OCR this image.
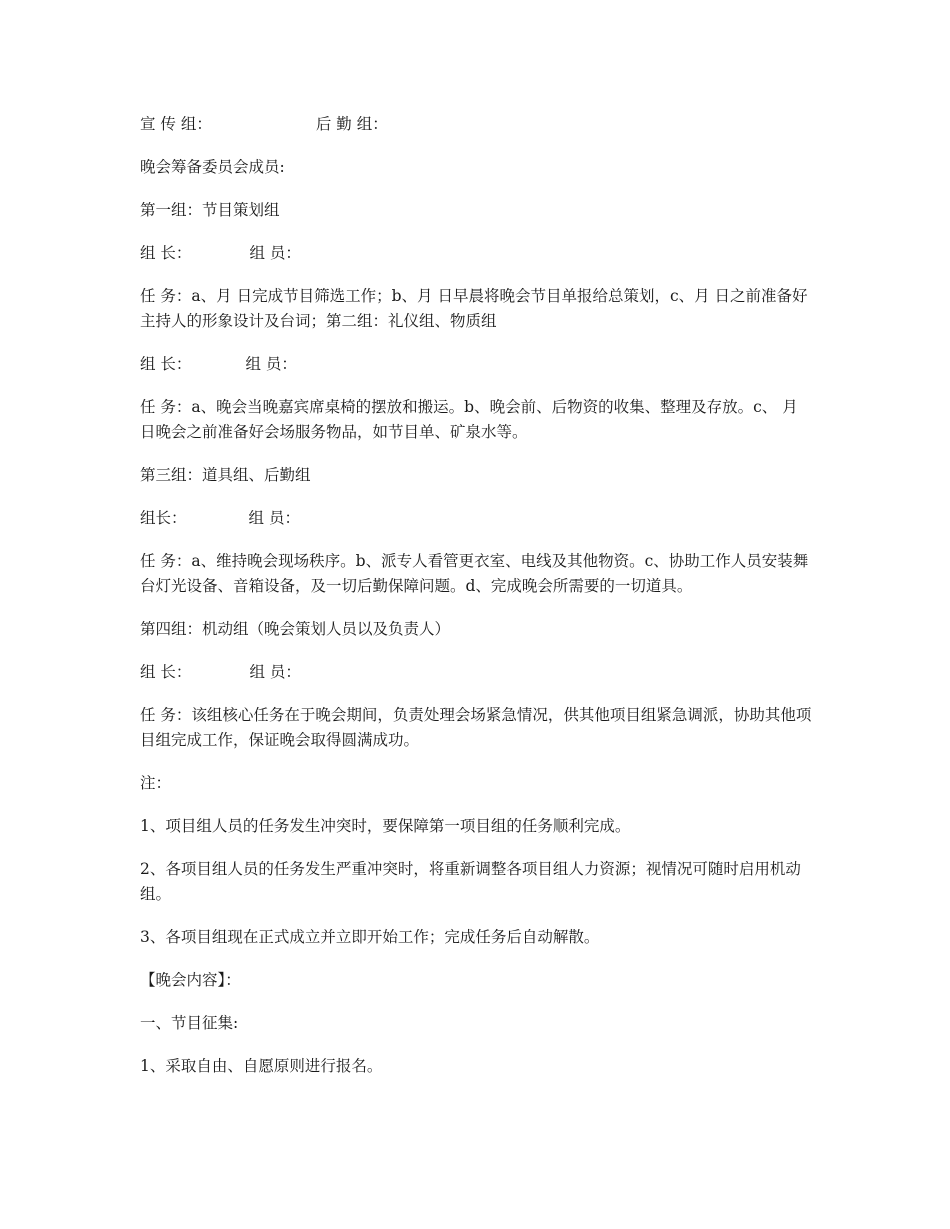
宣 传 组：	后 勤 组：

晚会筹备委员会成员:

第一组：节目策划组

组 长：	组 员：

任 务：a、月 日完成节目筛选工作；b、月 日早晨将晚会节目单报给总策划，c、月 日之前准备好主持人的形象设计及台词；第二组：礼仪组、物质组

组 长：	组 员：

任 务：a、晚会当晚嘉宾席桌椅的摆放和搬运。b、晚会前、后物资的收集、整理及存放。c、 月  日晚会之前准备好会场服务物品，如节目单、矿泉水等。

第三组：道具组、后勤组

组长：	组 员：

任 务：a、维持晚会现场秩序。b、派专人看管更衣室、电线及其他物资。c、协助工作人员安装舞台灯光设备、音箱设备，及一切后勤保障问题。d、完成晚会所需要的一切道具。

第四组：机动组（晚会策划人员以及负责人）

组 长：	组 员：

任 务：该组核心任务在于晚会期间，负责处理会场紧急情况，供其他项目组紧急调派，协助其他项目组完成工作，保证晚会取得圆满成功。

注：

1、项目组人员的任务发生冲突时，要保障第一项目组的任务顺利完成。

2、各项目组人员的任务发生严重冲突时，将重新调整各项目组人力资源；视情况可随时启用机动组。

3、各项目组现在正式成立并立即开始工作；完成任务后自动解散。

【晚会内容】：

一、节目征集:

1、采取自由、自愿原则进行报名。
